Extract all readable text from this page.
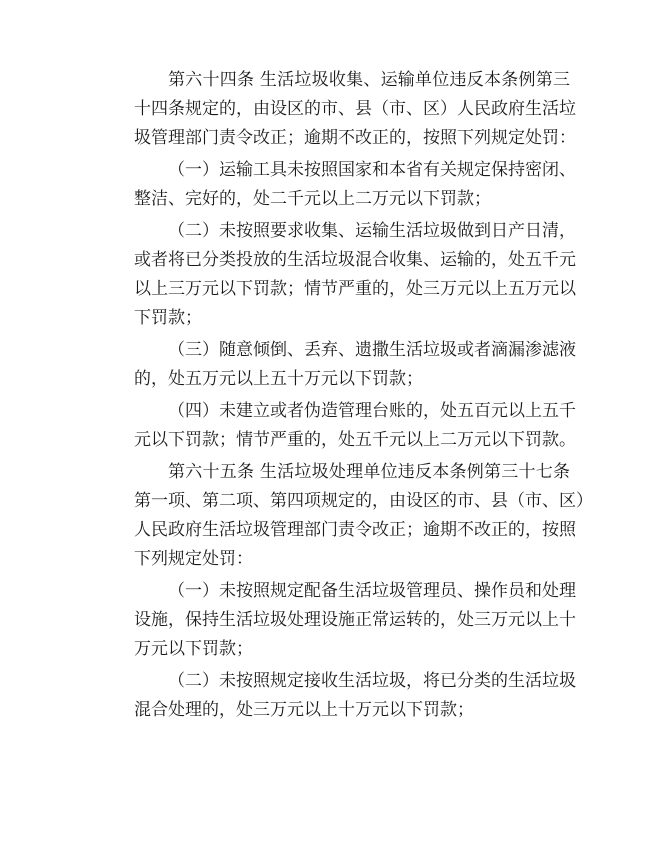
第六十四条 生活垃圾收集、运输单位违反本条例第三
十四条规定的，由设区的市、县（市、区）人民政府生活垃
圾管理部门责令改正；逾期不改正的，按照下列规定处罚：
（一）运输工具未按照国家和本省有关规定保持密闭、
整洁、完好的，处二千元以上二万元以下罚款；
（二）未按照要求收集、运输生活垃圾做到日产日清，
或者将已分类投放的生活垃圾混合收集、运输的，处五千元
以上三万元以下罚款；情节严重的，处三万元以上五万元以
下罚款；
（三）随意倾倒、丢弃、遗撒生活垃圾或者滴漏渗滤液
的，处五万元以上五十万元以下罚款；
（四）未建立或者伪造管理台账的，处五百元以上五千
元以下罚款；情节严重的，处五千元以上二万元以下罚款。
第六十五条 生活垃圾处理单位违反本条例第三十七条
第一项、第二项、第四项规定的，由设区的市、县（市、区）
人民政府生活垃圾管理部门责令改正；逾期不改正的，按照
下列规定处罚：
（一）未按照规定配备生活垃圾管理员、操作员和处理
设施，保持生活垃圾处理设施正常运转的，处三万元以上十
万元以下罚款；
（二）未按照规定接收生活垃圾，将已分类的生活垃圾
混合处理的，处三万元以上十万元以下罚款；
